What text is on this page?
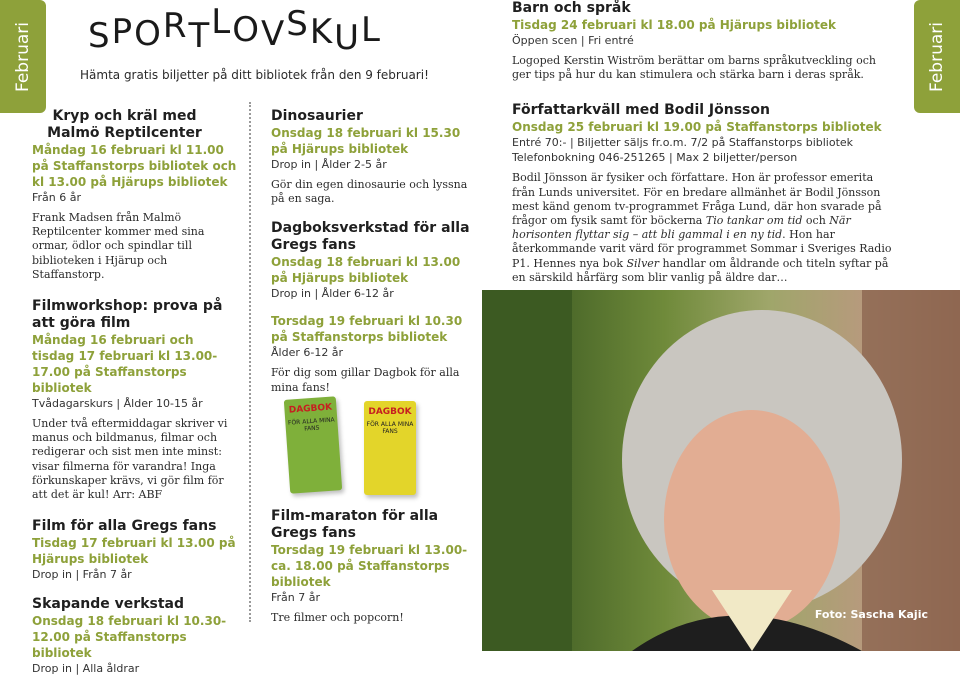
Februari	Februari
SPORTLOVSKUL
Hämta gratis biljetter på ditt bibliotek från den 9 februari!
Kryp och kräl med Malmö Reptilcenter
Måndag 16 februari kl 11.00 på Staffanstorps bibliotek och kl 13.00 på Hjärups bibliotek
Från 6 år
Frank Madsen från Malmö Reptilcenter kommer med sina ormar, ödlor och spindlar till biblioteken i Hjärup och Staffanstorp.
Filmworkshop: prova på att göra film
Måndag 16 februari och tisdag 17 februari kl 13.00-17.00 på Staffanstorps bibliotek
Tvådagarskurs | Ålder 10-15 år
Under två eftermiddagar skriver vi manus och bildmanus, filmar och redigerar och sist men inte minst: visar filmerna för varandra! Inga förkunskaper krävs, vi gör film för att det är kul! Arr: ABF
Film för alla Gregs fans
Tisdag 17 februari kl 13.00 på Hjärups bibliotek
Drop in | Från 7 år
Skapande verkstad
Onsdag 18 februari kl 10.30-12.00 på Staffanstorps bibliotek
Drop in | Alla åldrar
Dinosaurier
Onsdag 18 februari kl 15.30 på Hjärups bibliotek
Drop in | Ålder 2-5 år
Gör din egen dinosaurie och lyssna på en saga.
Dagboksverkstad för alla Gregs fans
Onsdag 18 februari kl 13.00 på Hjärups bibliotek
Drop in | Ålder 6-12 år
Torsdag 19 februari kl 10.30 på Staffanstorps bibliotek
Ålder 6-12 år
För dig som gillar Dagbok för alla mina fans!
DAGBOK
FÖR ALLA MINA FANS
DAGBOK
FÖR ALLA MINA FANS
Film-maraton för alla Gregs fans
Torsdag 19 februari kl 13.00-ca. 18.00 på Staffanstorps bibliotek
Från 7 år
Tre filmer och popcorn!
Barn och språk
Tisdag 24 februari kl 18.00 på Hjärups bibliotek
Öppen scen | Fri entré
Logoped Kerstin Wiström berättar om barns språkutveckling och ger tips på hur du kan stimulera och stärka barn i deras språk.
Författarkväll med Bodil Jönsson
Onsdag 25 februari kl 19.00 på Staffanstorps bibliotek
Entré 70:- | Biljetter säljs fr.o.m. 7/2 på Staffanstorps bibliotek
Telefonbokning 046-251265 | Max 2 biljetter/person
Bodil Jönsson är fysiker och författare. Hon är professor emerita från Lunds universitet. För en bredare allmänhet är Bodil Jönsson mest känd genom tv-programmet Fråga Lund, där hon svarade på frågor om fysik samt för böckerna Tio tankar om tid och När horisonten flyttar sig – att bli gammal i en ny tid. Hon har återkommande varit värd för programmet Sommar i Sveriges Radio P1. Hennes nya bok Silver handlar om åldrande och titeln syftar på en särskild hårfärg som blir vanlig på äldre dar…
Foto: Sascha Kajic
